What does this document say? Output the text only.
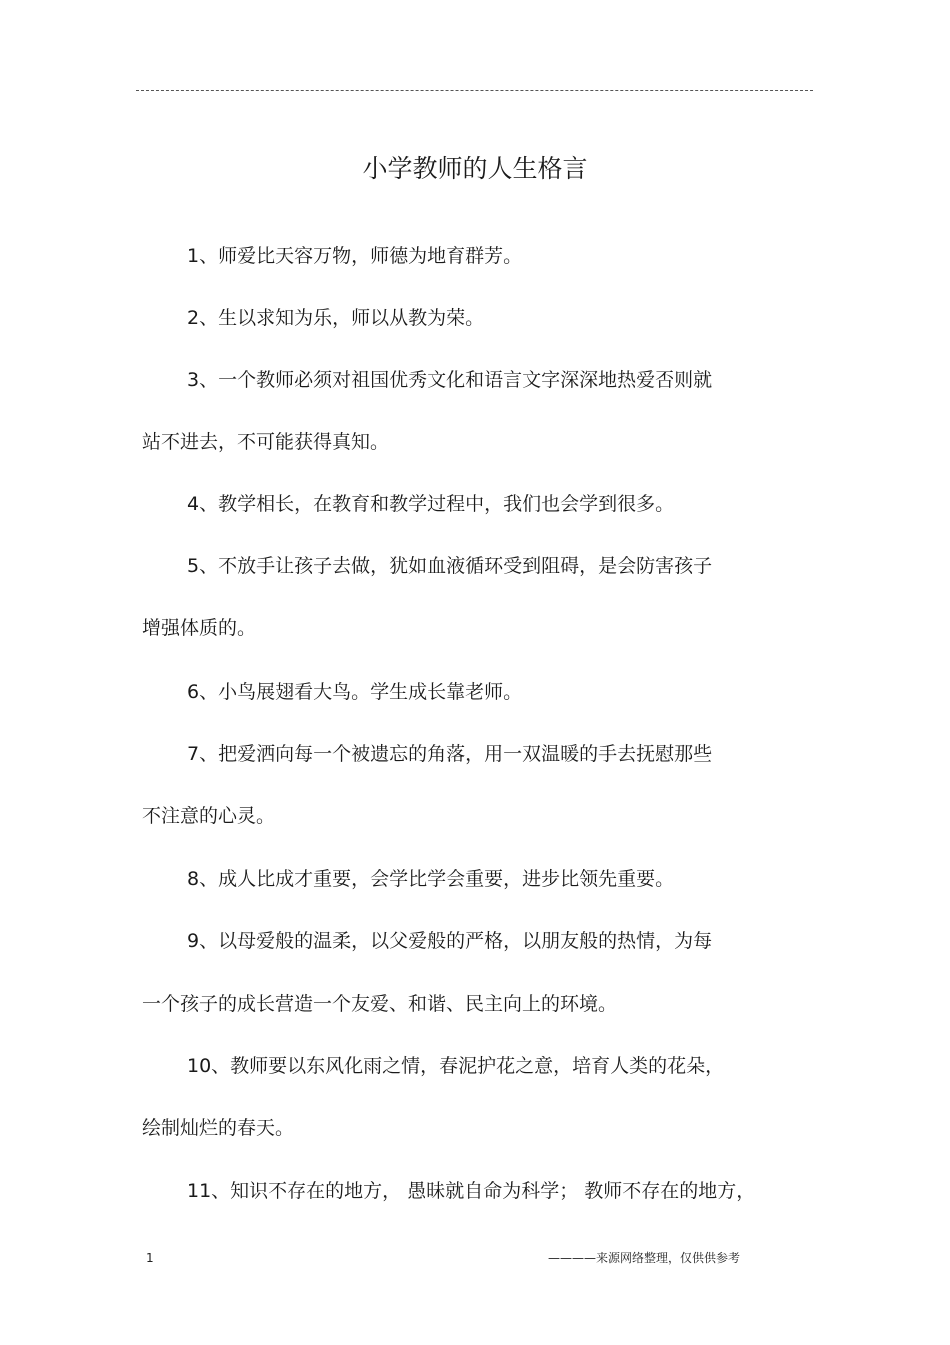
小学教师的人生格言
1、师爱比天容万物，师德为地育群芳。
2、生以求知为乐，师以从教为荣。
3、一个教师必须对祖国优秀文化和语言文字深深地热爱否则就
站不进去，不可能获得真知。
4、教学相长，在教育和教学过程中，我们也会学到很多。
5、不放手让孩子去做，犹如血液循环受到阻碍，是会防害孩子
增强体质的。
6、小鸟展翅看大鸟。学生成长靠老师。
7、把爱洒向每一个被遗忘的角落，用一双温暖的手去抚慰那些
不注意的心灵。
8、成人比成才重要，会学比学会重要，进步比领先重要。
9、以母爱般的温柔，以父爱般的严格，以朋友般的热情，为每
一个孩子的成长营造一个友爱、和谐、民主向上的环境。
10、教师要以东风化雨之情，春泥护花之意，培育人类的花朵，
绘制灿烂的春天。
11、知识不存在的地方， 愚昧就自命为科学； 教师不存在的地方，
1	————来源网络整理，仅供供参考
